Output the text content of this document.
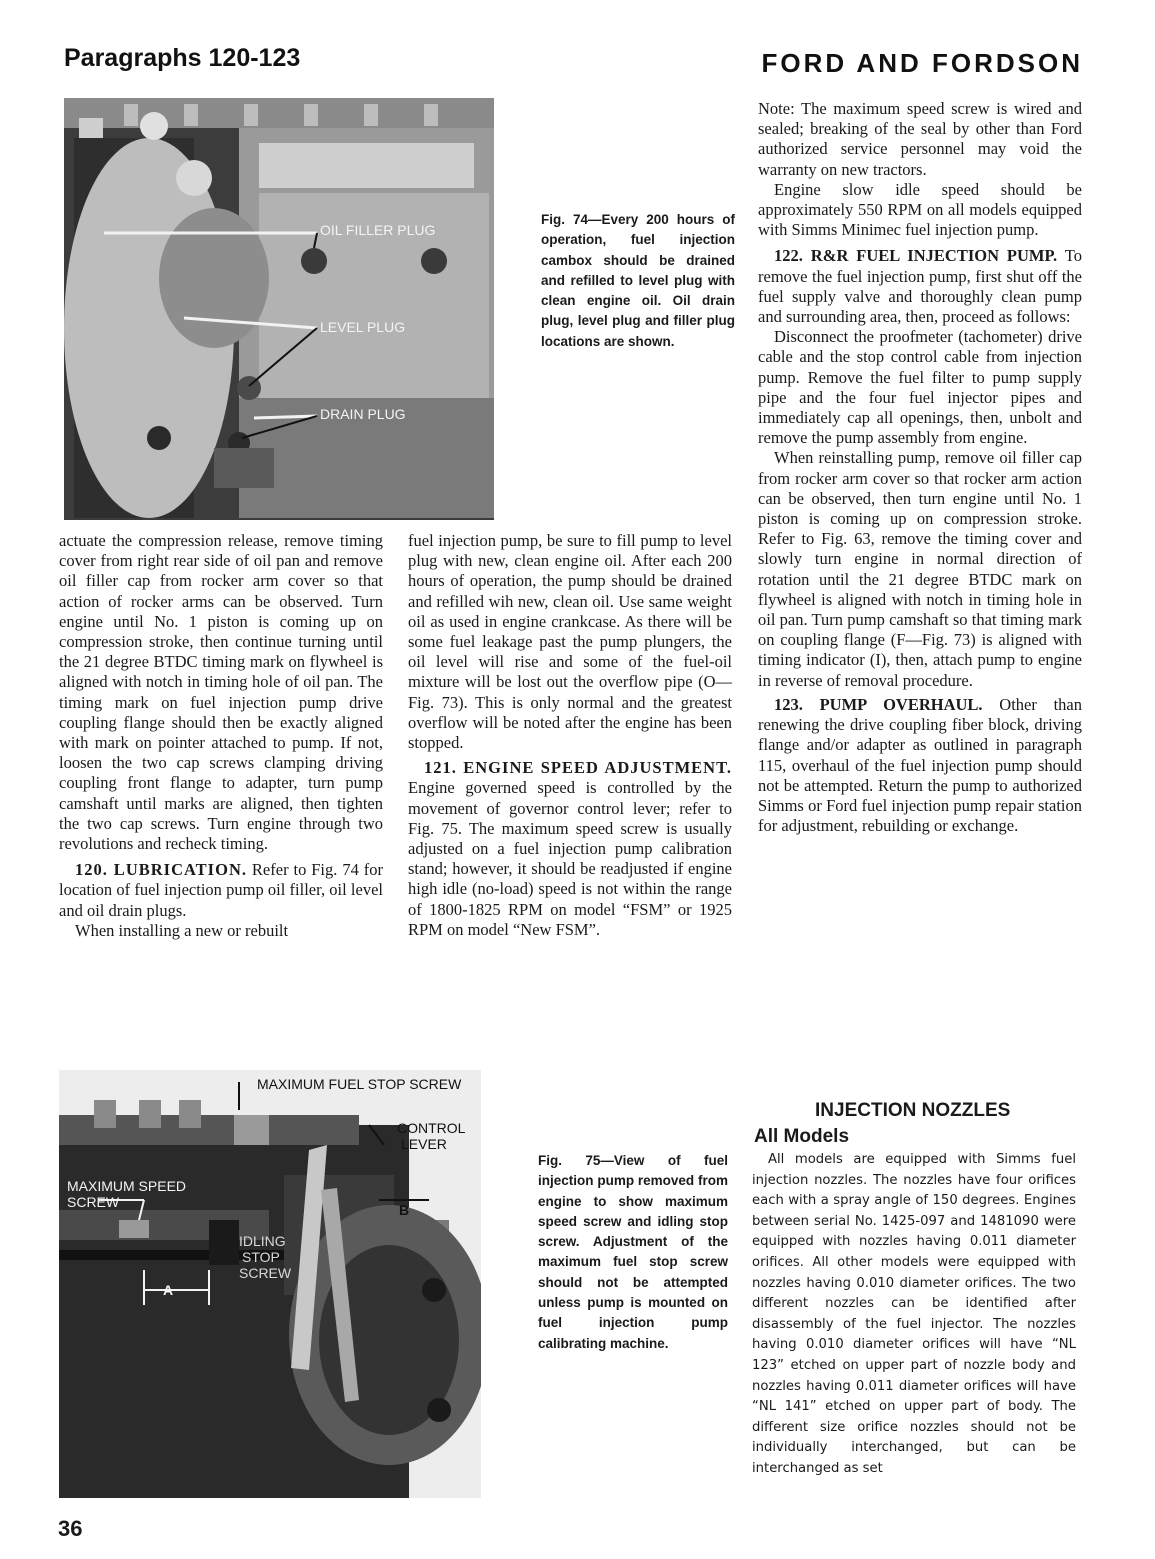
Paragraphs 120-123	FORD AND FORDSON
OIL FILLER PLUG
LEVEL PLUG
DRAIN PLUG
Fig. 74—Every 200 hours of operation, fuel injection cambox should be drained and refilled to level plug with clean engine oil. Oil drain plug, level plug and filler plug locations are shown.

actuate the compression release, remove timing cover from right rear side of oil pan and remove oil filler cap from rocker arm cover so that action of rocker arms can be observed. Turn engine until No. 1 piston is coming up on compression stroke, then continue turning until the 21 degree BTDC timing mark on flywheel is aligned with notch in timing hole of oil pan. The timing mark on fuel injection pump drive coupling flange should then be exactly aligned with mark on pointer attached to pump. If not, loosen the two cap screws clamping driving coupling front flange to adapter, turn pump camshaft until marks are aligned, then tighten the two cap screws. Turn engine through two revolutions and recheck timing.

120. LUBRICATION. Refer to Fig. 74 for location of fuel injection pump oil filler, oil level and oil drain plugs.

When installing a new or rebuilt

fuel injection pump, be sure to fill pump to level plug with new, clean engine oil. After each 200 hours of operation, the pump should be drained and refilled wih new, clean oil. Use same weight oil as used in engine crankcase. As there will be some fuel leakage past the pump plungers, the oil level will rise and some of the fuel-oil mixture will be lost out the overflow pipe (O—Fig. 73). This is only normal and the greatest overflow will be noted after the engine has been stopped.

121. ENGINE SPEED ADJUSTMENT. Engine governed speed is controlled by the movement of governor control lever; refer to Fig. 75. The maximum speed screw is usually adjusted on a fuel injection pump calibration stand; however, it should be readjusted if engine high idle (no-load) speed is not within the range of 1800-1825 RPM on model “FSM” or 1925 RPM on model “New FSM”.

Note: The maximum speed screw is wired and sealed; breaking of the seal by other than Ford authorized service personnel may void the warranty on new tractors.

Engine slow idle speed should be approximately 550 RPM on all models equipped with Simms Minimec fuel injection pump.

122. R&R FUEL INJECTION PUMP. To remove the fuel injection pump, first shut off the fuel supply valve and thoroughly clean pump and surrounding area, then, proceed as follows:

Disconnect the proofmeter (tachometer) drive cable and the stop control cable from injection pump. Remove the fuel filter to pump supply pipe and the four fuel injector pipes and immediately cap all openings, then, unbolt and remove the pump assembly from engine.

When reinstalling pump, remove oil filler cap from rocker arm cover so that rocker arm action can be observed, then turn engine until No. 1 piston is coming up on compression stroke. Refer to Fig. 63, remove the timing cover and slowly turn engine in normal direction of rotation until the 21 degree BTDC mark on flywheel is aligned with notch in timing hole in oil pan. Turn pump camshaft so that timing mark on coupling flange (F—Fig. 73) is aligned with timing indicator (I), then, attach pump to engine in reverse of removal procedure.

123. PUMP OVERHAUL. Other than renewing the drive coupling fiber block, driving flange and/or adapter as outlined in paragraph 115, overhaul of the fuel injection pump should not be attempted. Return the pump to authorized Simms or Ford fuel injection pump repair station for adjustment, rebuilding or exchange.

MAXIMUM FUEL STOP SCREW
CONTROL
LEVER
MAXIMUM SPEED
SCREW
IDLING
STOP
SCREW
A
B
Fig. 75—View of fuel injection pump removed from engine to show maximum speed screw and idling stop screw. Adjustment of the maximum fuel stop screw should not be attempted unless pump is mounted on fuel injection pump calibrating machine.
INJECTION NOZZLES
All Models

All models are equipped with Simms fuel injection nozzles. The nozzles have four orifices each with a spray angle of 150 degrees. Engines between serial No. 1425-097 and 1481090 were equipped with nozzles having 0.011 diameter orifices. All other models were equipped with nozzles having 0.010 diameter orifices. The two different nozzles can be identified after disassembly of the fuel injector. The nozzles having 0.010 diameter orifices will have “NL 123” etched on upper part of nozzle body and nozzles having 0.011 diameter orifices will have “NL 141” etched on upper part of body. The different size orifice nozzles should not be individually interchanged, but can be interchanged as set

36
